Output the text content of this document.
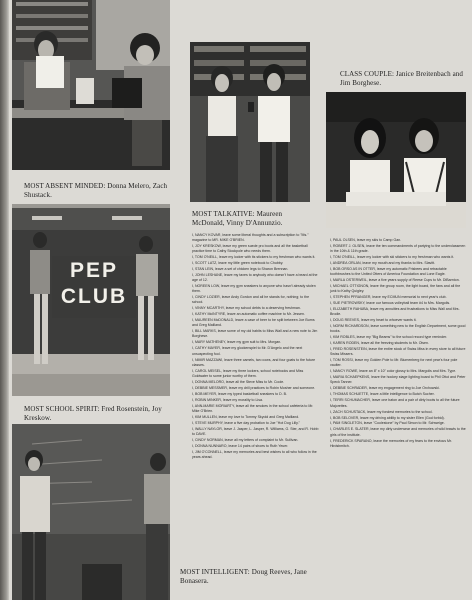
MOST ABSENT MINDED: Donna Melero, Zach Shustack.
PEP
CLUB
MOST SCHOOL SPIRIT: Fred Rosenstein, Joy Kreskow.
MOST INTELLIGENT: Doug Reeves, Jane Bonasera.
MOST TALKATIVE: Maureen McDonald, Vinny D'Annunzio.
CLASS COUPLE: Janice Breitenbach and Jim Borghese.

I, NANCY KOVAR, leave some liberal thoughts and a subscription to "Ms." magazine to MR. MIKE O'BRIEN.

I, JOY KRESKOW, leave my green suede pro boots and all the basketball practice time to Cathy Stockpole who needs them.

I, TOM O'NEILL, leave my locker with its stickers to my freshman who wants it.

I, SCOTT LATZ, leave my little green notebook to Chubby.

I, STAN LEIN, leave a set of chicken legs to Sharon Brennan.

I, JOHN LESHANE, leave my taxes to anybody who doesn't have a beard at the age of 12.

I, NOREEN LOW, leave my gym sneakers to anyone who hasn't already stolen them.

I, CINDY LOZIER, leave Andy Gordon and all he stands for, nothing; to the school.

I, VINNY MCARTHY, leave my school debts to a deserving freshman.

I, KATHY McINTYRE, leave an automatic coffee machine to Mr. Jessen.

I, MAUREEN McDONALD, leave a case of beer to be split between Joe Burns and Greg Mailland.

I, BILL MARKS, leave some of my old habits to Miss Wall and a new note to Jim Borghese.

I, MARY MATHENEY, leave my gym suit to Mrs. Morgan.

I, CATHY MAYER, leave my glockenspiel to Mr. D'Angelo and the next unsuspecting fool.

I, NIMIR MAZZAWI, leave three camels, two cows, and four goats to the future classes.

I, CAROL MEISEL, leave my three lockers, school notebooks and Miss Goldwater to some junior worthy of them.

I, DONNA MELORO, leave all the Steve Miss to Mr. Coole.

I, DEBBIE MESSMER, leave my drill practices to Robin Mosher and someone.

I, BOB MEYER, leave my typed basketball sneakers to D. B.

I, ROBIN MINKER, leave my morality to Lisa.

I, ANN-MARIE MORIARTY, leave all the smokes in the school cafeteria to Mr. Mike O'Brien.

I, KIM MULLEN, leave my love to Tommy Skyold and Greg Mailland.

I, STEVE MURPHY, leave a five day probation to Joe "Hot Dog Lilly."

I, WALLY NAYLOR, leave J. Jasper, L. Jasper, R. Williams, G. Ster, and R. Hobb to DAVE.

I, CINDY NORMAN, leave all my letters of complaint to Mr. Sullivan.

I, DONNA NUNNARO, leave 14 pairs of shoes to Ruth Yeuer.

I, JIM O'CONNELL, leave my memories and best wishes to all who follow in the years ahead.

I, PAUL OLSEN, leave my skis to Camp Gan.

I, ROBERT J. OLSEN, leave the ten commandments of partying to the underclassmen in the 10th & 11th grade.

I, TOM O'NEILL, leave my locker with ski stickers to my freshman who wants it.

I, ANDREA ORLAN, leave my mouth and my thanks to Mrs. Slavitt.

I, BOB ORSO AS IN OTTER, leave my automatic Frisbees and retractable toothbrushes to the United Otters of America Foundation and Lone Eagle.

I, MARLA OSTERWEIL, leave a five years supply of Reese Cups to Mr. DiBarnton.

I, MICHAEL OTTIGNON, leave the group room, the light board, the fans and all the junk to Kathy Quigley.

I, STEPHEN PFRANGER, leave my ECMUN memorial to next year's club.

I, SUE PIETROWSKY, leave our famous volleyball team #4 to Mrs. Margolis.

I, ELIZABETH RAHUBA, leave my annuities and frustrations to Miss Wall and Mrs. Brodie.

I, DOUG REEVES, leave my heart to whoever wants it.

I, NORM RICHARDSON, leave something new to the English Department, some good books.

I, KIM ROBLES, leave my "Big Beams" to the school record type reminder.

I, KAREN RODEN, leave all the freezing students to Mr. Olsen.

I, FRED ROSENSTEIN, leave the entire stock of Swiss Miss in every store to all future Swiss Missers.

I, TOM ROSSI, leave my Golden Pole to Mr. Blumenberg for next year's four pole vaulter.

I, NANCY ROWE, leave an 8" x 10" color glossy to Mrs. Margolis and Mrs. Type.

I, MARIA SCHAEPKENS, leave the hockey stage lighting board to Phil Ottoi and Peter Speck Tanner.

I, DEBBIE SCHRADER, leave my engagement ring to Joe Orchowski.

I, THOMAS SCHUETTE, leave a little intelligence to Butch Sucher.

I, TERRI SCHUMACHER, leave one baton and a pair of dirty boots to all the future Majorettes.

I, ZACH SCHUSTACK, leave my fondest memories to the school.

I, BOB SELOVER, leave my driving ability to my sister Ellen (God forbid).

I, PAM SINGLETON, leave "Coolestone" by Paul Simon to Mr. Schweige.

I, CHARLES E. SLATER, leave my dirty underwear and memories of wild brawls to the girls of the institute.

I, FREDERICK SPARANO, leave the memories of my fears to the envious Mr. Hirdsbmitch.
